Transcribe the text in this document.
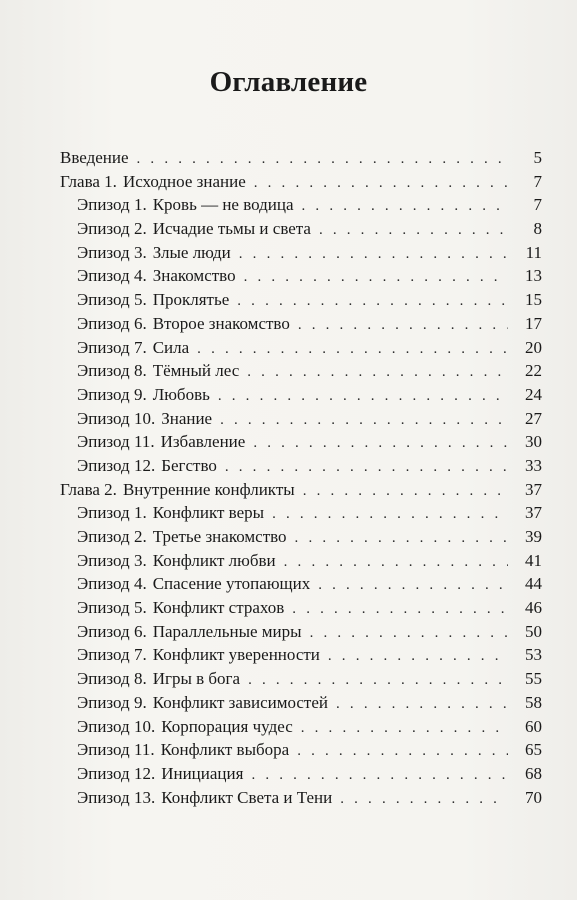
Оглавление
Введение . . .	5
Глава 1. Исходное знание . . .	7
Эпизод 1. Кровь — не водица . . .	7
Эпизод 2. Исчадие тьмы и света . . .	8
Эпизод 3. Злые люди . . .	11
Эпизод 4. Знакомство . . .	13
Эпизод 5. Проклятье . . .	15
Эпизод 6. Второе знакомство . . .	17
Эпизод 7. Сила . . .	20
Эпизод 8. Тёмный лес . . .	22
Эпизод 9. Любовь . . .	24
Эпизод 10. Знание . . .	27
Эпизод 11. Избавление . . .	30
Эпизод 12. Бегство . . .	33
Глава 2. Внутренние конфликты . . .	37
Эпизод 1. Конфликт веры . . .	37
Эпизод 2. Третье знакомство . . .	39
Эпизод 3. Конфликт любви . . .	41
Эпизод 4. Спасение утопающих . . .	44
Эпизод 5. Конфликт страхов . . .	46
Эпизод 6. Параллельные миры . . .	50
Эпизод 7. Конфликт уверенности . . .	53
Эпизод 8. Игры в бога . . .	55
Эпизод 9. Конфликт зависимостей . . .	58
Эпизод 10. Корпорация чудес . . .	60
Эпизод 11. Конфликт выбора . . .	65
Эпизод 12. Инициация . . .	68
Эпизод 13. Конфликт Света и Тени . . .	70
